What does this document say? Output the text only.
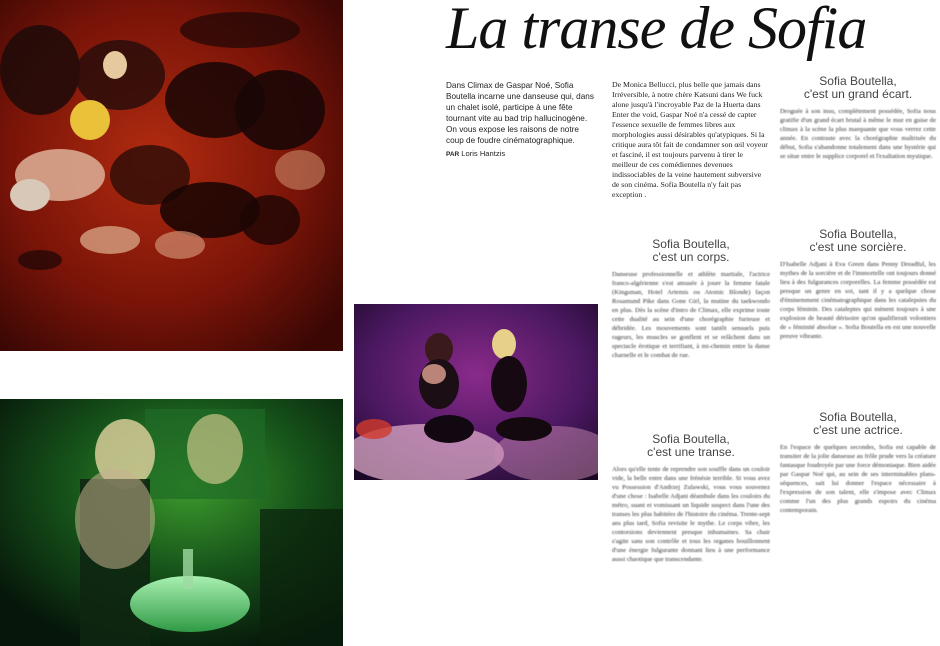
La transe de Sofia
Dans Climax de Gaspar Noé, Sofia Boutella incarne une danseuse qui, dans un chalet isolé, participe à une fête tournant vite au bad trip hallucinogène. On vous expose les raisons de notre coup de foudre cinématographique.
PAR Loris Hantzis
De Monica Bellucci, plus belle que jamais dans Irréversible, à notre chère Katsuni dans We fuck alone jusqu'à l'incroyable Paz de la Huerta dans Enter the void, Gaspar Noé n'a cessé de capter l'essence sexuelle de femmes libres aux morphologies aussi désirables qu'atypiques. Si la critique aura tôt fait de condamner son œil voyeur et fasciné, il est toujours parvenu à tirer le meilleur de ces comédiennes devenues indissociables de la veine hautement subversive de son cinéma. Sofia Boutella n'y fait pas exception .
Sofia Boutella,
c'est un corps.
Danseuse professionnelle et athlète martiale, l'actrice franco-algérienne s'est amusée à jouer la femme fatale (Kingsman, Hotel Artemis ou Atomic Blonde) façon Rosamund Pike dans Gone Girl, la mutine du taekwondo en plus. Dès la scène d'intro de Climax, elle exprime toute cette dualité au sein d'une chorégraphie furieuse et débridée. Les mouvements sont tantôt sensuels puis rageurs, les muscles se gonflent et se relâchent dans un spectacle érotique et terrifiant, à mi-chemin entre la danse charnelle et le combat de rue.
Sofia Boutella,
c'est une transe.
Alors qu'elle tente de reprendre son souffle dans un couloir vide, la belle entre dans une frénésie terrible. Si vous avez vu Possession d'Andrzej Zulawski, vous vous souvenez d'une chose : Isabelle Adjani déambule dans les couloirs du métro, suant et vomissant un liquide suspect dans l'une des transes les plus habitées de l'histoire du cinéma. Trente-sept ans plus tard, Sofia revisite le mythe. Le corps vibre, les contorsions deviennent presque inhumaines. Sa chair s'agite sans son contrôle et tous les organes bouillonnent d'une énergie fulgurante donnant lieu à une performance aussi chaotique que transcendante.
Sofia Boutella,
c'est un grand écart.
Droguée à son insu, complètement possédée, Sofia nous gratifie d'un grand écart brutal à même le mur en guise de climax à la scène la plus marquante que vous verrez cette année. En contraste avec la chorégraphie maîtrisée du début, Sofia s'abandonne totalement dans une hystérie qui se situe entre le supplice corporel et l'exaltation mystique.
Sofia Boutella,
c'est une sorcière.
D'Isabelle Adjani à Eva Green dans Penny Dreadful, les mythes de la sorcière et de l'immortelle ont toujours donné lieu à des fulgurances corporelles. La femme possédée est presque un genre en soi, tant il y a quelque chose d'éminemment cinématographique dans les catalepsies du corps féminin. Des cataleptes qui mènent toujours à une explosion de beauté dérisoire qu'on qualifierait volontiers de « féminité absolue ». Sofia Boutella en est une nouvelle preuve vibrante.
Sofia Boutella,
c'est une actrice.
En l'espace de quelques secondes, Sofia est capable de transiter de la jolie danseuse au frôle prude vers la créature fantasque foudroyée par une force démoniaque. Bien aidée par Gaspar Noé qui, au sein de ses interminables plans-séquences, sait lui donner l'espace nécessaire à l'expression de son talent, elle s'impose avec Climax comme l'un des plus grands espoirs du cinéma contemporain.
